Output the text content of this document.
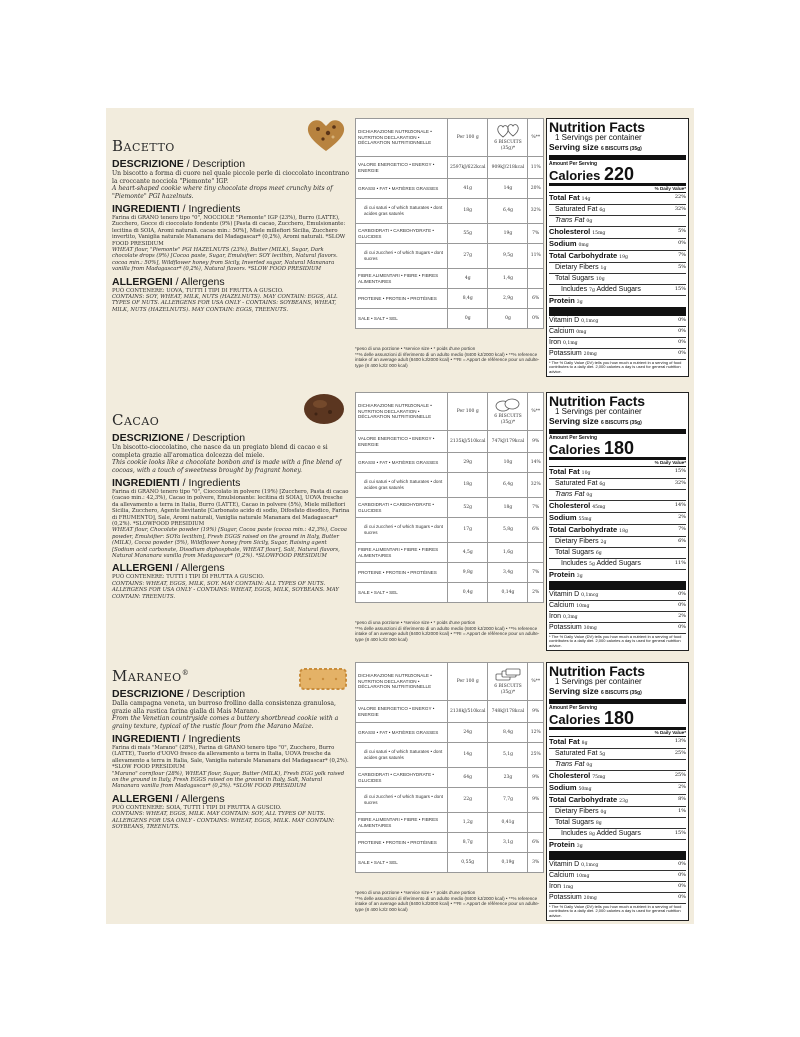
Bacetto
DESCRIZIONE / Description
Un biscotto a forma di cuore nel quale piccole perle di cioccolato incontrano la croccante nocciola "Piemonte" IGP.
A heart-shaped cookie where tiny chocolate drops meet crunchy bits of "Piemonte" PGI hazelnuts.
INGREDIENTI / Ingredients
Farina di GRANO tenero tipo "0", NOCCIOLE "Piemonte" IGP (23%), Burro (LATTE), Zucchero, Gocce di cioccolato fondente (9%) [Pasta di cacao, Zucchero, Emulsionante: lecitina di SOIA, Aromi naturali. cacao min.: 50%], Miele millefiori Sicilia, Zucchero invertito, Vaniglia naturale Mananara del Madagascar* (0,2%), Aromi naturali. *SLOW FOOD PRESIDIUM
WHEAT flour, "Piemonte" PGI HAZELNUTS (23%), Butter (MILK), Sugar, Dark chocolate drops (9%) [Cocoa paste, Sugar, Emulsifier: SOY lecithin, Natural flavors. cocoa min.: 50%], Wildflower honey from Sicily, Inverted sugar, Natural Mananara vanilla from Madagascar* (0,2%), Natural flavors. *SLOW FOOD PRESIDIUM
ALLERGENI / Allergens
PUÒ CONTENERE: UOVA, TUTTI I TIPI DI FRUTTA A GUSCIO.
CONTAINS: SOY, WHEAT, MILK, NUTS (HAZELNUTS). MAY CONTAIN: EGGS, ALL TYPES OF NUTS. ALLERGENS FOR USA ONLY - CONTAINS: SOYBEANS, WHEAT, MILK, NUTS (HAZELNUTS). MAY CONTAIN: EGGS, TREENUTS.
DICHIARAZIONE NUTRIZIONALE • NUTRITION DECLARATION • DÉCLARATION NUTRITIONNELLE	Per 100 g	6 BISCUITS (35g)*	%**
VALORE ENERGETICO • ENERGY • ENERGIE	2597kJ/622kcal	909kJ/218kcal	11%
GRASSI • FAT • MATIÈRES GRASSES	41g	14g	20%
di cui saturi • of which Saturates • dont acides gras saturés	18g	6,4g	32%
CARBOIDRATI • CARBOHYDRATE • GLUCIDES	55g	19g	7%
di cui zuccheri • of which Sugars • dont sucres	27g	9,5g	11%
FIBRE ALIMENTARI • FIBRE • FIBRES ALIMENTAIRES	4g	1,4g	
PROTEINE • PROTEIN • PROTÉINES	8,4g	2,9g	6%
SALE • SALT • SEL	0g	0g	0%
*peso di una porzione • *service size • * poids d'une portion
**% delle assunzioni di riferimento di un adulto medio (8400 kJ/2000 kcal) • **% reference intake of an average adult (8400 kJ/2000 kcal) • **RI = Apport de référence pour un adulte-type (8 400 kJ/2 000 kcal)
Nutrition Facts
1 Servings per container
Serving size 6 BISCUITS (35g)
Amount Per Serving
Calories 220
% Daily Value*
Total Fat 14g	22%
Saturated Fat 6g	32%
Trans Fat 0g
Cholesterol 15mg	5%
Sodium 0mg	0%
Total Carbohydrate 19g	7%
Dietary Fibers 1g	5%
Total Sugars 10g
Includes 7g Added Sugars	15%
Protein 3g
Vitamin D 0,1mcg	0%
Calcium 0mg	0%
Iron 0,1mg	0%
Potassium 20mg	0%
* The % Daily Value (DV) tells you how much a nutrient in a serving of food contributes to a daily diet. 2,000 calories a day is used for general nutrition advice.
Cacao
DESCRIZIONE / Description
Un biscotto-cioccolatino, che nasce da un pregiato blend di cacao e si completa grazie all'aromatica dolcezza del miele.
This cookie looks like a chocolate bonbon and is made with a fine blend of cocoas, with a touch of sweetness brought by fragrant honey.
INGREDIENTI / Ingredients
Farina di GRANO tenero tipo "0", Cioccolato in polvere (19%) [Zucchero, Pasta di cacao (cacao min.: 42,3%), Cacao in polvere, Emulsionante: lecitina di SOIA], UOVA fresche da allevamento a terra in Italia, Burro (LATTE), Cacao in polvere (5%), Miele millefiori Sicilia, Zucchero, Agente lievitante [Carbonato acido di sodio, Difosfato disodico, Farina di FRUMENTO], Sale, Aromi naturali, Vaniglia naturale Mananara del Madagascar* (0,2%). *SLOWFOOD PRESIDIUM
WHEAT flour, Chocolate powder (19%) [Sugar, Cocoa paste (cocoa min.: 42,3%), Cocoa powder, Emulsifier: SOYa lecithin], Fresh EGGS raised on the ground in Italy, Butter (MILK), Cocoa powder (5%), Wildflower honey from Sicily, Sugar, Raising agent [Sodium acid carbonate, Disodium diphosphate, WHEAT flour], Salt, Natural flavors, Natural Mananara vanilla from Madagascar* (0,2%). *SLOWFOOD PRESIDIUM
ALLERGENI / Allergens
PUÒ CONTENERE: TUTTI I TIPI DI FRUTTA A GUSCIO.
CONTAINS: WHEAT, EGGS, MILK, SOY. MAY CONTAIN: ALL TYPES OF NUTS. ALLERGENS FOR USA ONLY - CONTAINS: WHEAT, EGGS, MILK, SOYBEANS. MAY CONTAIN: TREENUTS.
DICHIARAZIONE NUTRIZIONALE • NUTRITION DECLARATION • DÉCLARATION NUTRITIONNELLE	Per 100 g	6 BISCUITS (35g)*	%**
VALORE ENERGETICO • ENERGY • ENERGIE	2135kJ/510kcal	747kJ/179kcal	9%
GRASSI • FAT • MATIÈRES GRASSES	29g	10g	14%
di cui saturi • of which Saturates • dont acides gras saturés	18g	6,4g	32%
CARBOIDRATI • CARBOHYDRATE • GLUCIDES	52g	18g	7%
di cui zuccheri • of which Sugars • dont sucres	17g	5,8g	6%
FIBRE ALIMENTARI • FIBRE • FIBRES ALIMENTAIRES	4,5g	1,6g	
PROTEINE • PROTEIN • PROTÉINES	9,8g	3,4g	7%
SALE • SALT • SEL	0,4g	0,14g	2%
*peso di una porzione • *service size • * poids d'une portion
**% delle assunzioni di riferimento di un adulto medio (8400 kJ/2000 kcal) • **% reference intake of an average adult (8400 kJ/2000 kcal) • **RI = Apport de référence pour un adulte-type (8 400 kJ/2 000 kcal)
Nutrition Facts
1 Servings per container
Serving size 6 BISCUITS (35g)
Amount Per Serving
Calories 180
% Daily Value*
Total Fat 10g	15%
Saturated Fat 6g	32%
Trans Fat 0g
Cholesterol 45mg	14%
Sodium 55mg	2%
Total Carbohydrate 18g	7%
Dietary Fibers 2g	6%
Total Sugars 6g
Includes 5g Added Sugars	11%
Protein 3g
Vitamin D 0,1mcg	0%
Calcium 10mg	0%
Iron 0,3mg	2%
Potassium 30mg	0%
* The % Daily Value (DV) tells you how much a nutrient in a serving of food contributes to a daily diet. 2,000 calories a day is used for general nutrition advice.
Maraneo®
DESCRIZIONE / Description
Dalla campagna veneta, un burroso frollino dalla consistenza granulosa, grazie alla rustica farina gialla di Mais Marano.
From the Venetian countryside comes a buttery shortbread cookie with a grainy texture, typical of the rustic flour from the Marano Maize.
INGREDIENTI / Ingredients
Farina di mais "Marano" (28%), Farina di GRANO tenero tipo "0", Zucchero, Burro (LATTE), Tuorlo d'UOVO fresco da allevamento a terra in Italia, UOVA fresche da allevamento a terra in Italia, Sale, Vaniglia naturale Mananara del Madagascar* (0,2%). *SLOW FOOD PRESIDIUM
"Marano" cornflour (28%), WHEAT flour, Sugar, Butter (MILK), Fresh EGG yolk raised on the ground in Italy, Fresh EGGS raised on the ground in Italy, Salt, Natural Mananara vanilla from Madagascar* (0,2%). *SLOW FOOD PRESIDIUM
ALLERGENI / Allergens
PUÒ CONTENERE: SOIA, TUTTI I TIPI DI FRUTTA A GUSCIO.
CONTAINS: WHEAT, EGGS, MILK. MAY CONTAIN: SOY, ALL TYPES OF NUTS. ALLERGENS FOR USA ONLY - CONTAINS: WHEAT, EGGS, MILK. MAY CONTAIN: SOYBEANS, TREENUTS.
DICHIARAZIONE NUTRIZIONALE • NUTRITION DECLARATION • DÉCLARATION NUTRITIONNELLE	Per 100 g	6 BISCUITS (35g)*	%**
VALORE ENERGETICO • ENERGY • ENERGIE	2138kJ/510kcal	748kJ/178kcal	9%
GRASSI • FAT • MATIÈRES GRASSES	24g	8,4g	12%
di cui saturi • of which Saturates • dont acides gras saturés	14g	5,1g	25%
CARBOIDRATI • CARBOHYDRATE • GLUCIDES	64g	23g	9%
di cui zuccheri • of which Sugars • dont sucres	22g	7,7g	9%
FIBRE ALIMENTARI • FIBRE • FIBRES ALIMENTAIRES	1,2g	0,41g	
PROTEINE • PROTEIN • PROTÉINES	8,7g	3,1g	6%
SALE • SALT • SEL	0,55g	0,19g	3%
*peso di una porzione • *service size • * poids d'une portion
**% delle assunzioni di riferimento di un adulto medio (8400 kJ/2000 kcal) • **% reference intake of an average adult (8400 kJ/2000 kcal) • **RI = Apport de référence pour un adulte-type (8 400 kJ/2 000 kcal)
Nutrition Facts
1 Servings per container
Serving size 6 BISCUITS (35g)
Amount Per Serving
Calories 180
% Daily Value*
Total Fat 8g	13%
Saturated Fat 5g	25%
Trans Fat 0g
Cholesterol 75mg	25%
Sodium 50mg	2%
Total Carbohydrate 23g	8%
Dietary Fibers 0g	1%
Total Sugars 8g
Includes 8g Added Sugars	15%
Protein 3g
Vitamin D 0,1mcg	0%
Calcium 10mg	0%
Iron 1mg	0%
Potassium 20mg	0%
* The % Daily Value (DV) tells you how much a nutrient in a serving of food contributes to a daily diet. 2,000 calories a day is used for general nutrition advice.
